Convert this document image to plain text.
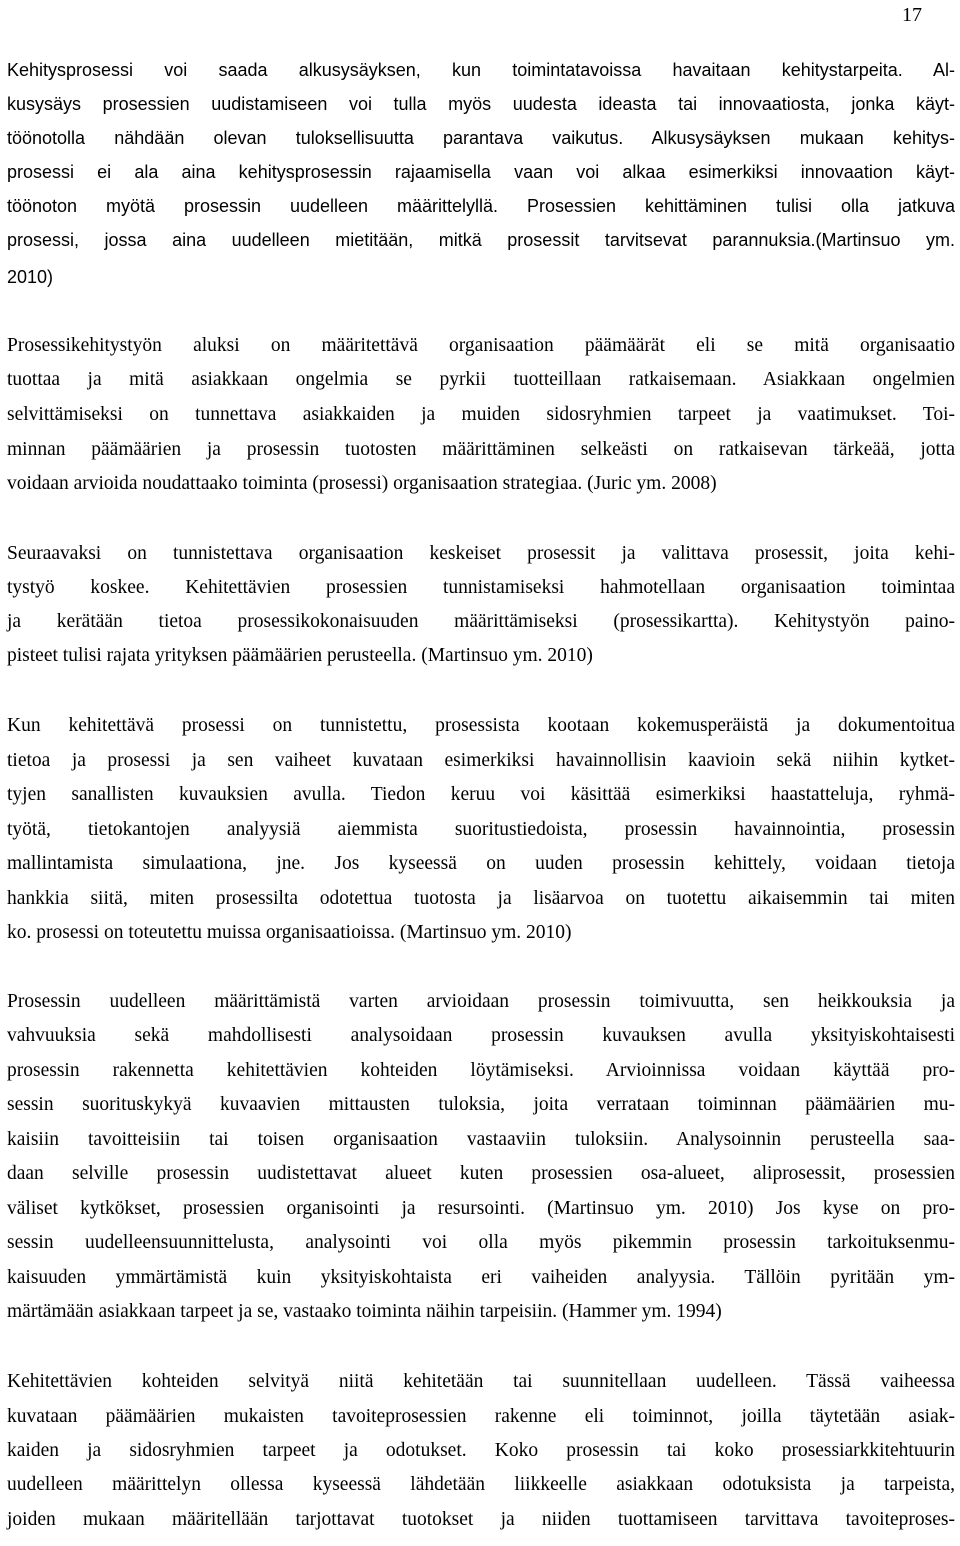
17
Kehitysprosessi voi saada alkusysäyksen, kun toimintatavoissa havaitaan kehitystarpeita. Al-
kusysäys prosessien uudistamiseen voi tulla myös uudesta ideasta tai innovaatiosta, jonka käyt-
töönotolla nähdään olevan tuloksellisuutta parantava vaikutus. Alkusysäyksen mukaan kehitys-
prosessi ei ala aina kehitysprosessin rajaamisella vaan voi alkaa esimerkiksi innovaation käyt-
töönoton myötä prosessin uudelleen määrittelyllä. Prosessien kehittäminen tulisi olla jatkuva
prosessi, jossa aina uudelleen mietitään, mitkä prosessit tarvitsevat parannuksia.(Martinsuo ym.
2010)
Prosessikehitystyön aluksi on määritettävä organisaation päämäärät eli se mitä organisaatio
tuottaa ja mitä asiakkaan ongelmia se pyrkii tuotteillaan ratkaisemaan. Asiakkaan ongelmien
selvittämiseksi on tunnettava asiakkaiden ja muiden sidosryhmien tarpeet ja vaatimukset. Toi-
minnan päämäärien ja prosessin tuotosten määrittäminen selkeästi on ratkaisevan tärkeää, jotta
voidaan arvioida noudattaako toiminta (prosessi) organisaation strategiaa. (Juric ym. 2008)
Seuraavaksi on tunnistettava organisaation keskeiset prosessit ja valittava prosessit, joita kehi-
tystyö koskee. Kehitettävien prosessien tunnistamiseksi hahmotellaan organisaation toimintaa
ja kerätään tietoa prosessikokonaisuuden määrittämiseksi (prosessikartta). Kehitystyön paino-
pisteet tulisi rajata yrityksen päämäärien perusteella. (Martinsuo ym. 2010)
Kun kehitettävä prosessi on tunnistettu, prosessista kootaan kokemusperäistä ja dokumentoitua
tietoa ja prosessi ja sen vaiheet kuvataan esimerkiksi havainnollisin kaavioin sekä niihin kytket-
tyjen sanallisten kuvauksien avulla. Tiedon keruu voi käsittää esimerkiksi haastatteluja, ryhmä-
työtä, tietokantojen analyysiä aiemmista suoritustiedoista, prosessin havainnointia, prosessin
mallintamista simulaationa, jne. Jos kyseessä on uuden prosessin kehittely, voidaan tietoja
hankkia siitä, miten prosessilta odotettua tuotosta ja lisäarvoa on tuotettu aikaisemmin tai miten
ko. prosessi on toteutettu muissa organisaatioissa. (Martinsuo ym. 2010)
Prosessin uudelleen määrittämistä varten arvioidaan prosessin toimivuutta, sen heikkouksia ja
vahvuuksia sekä mahdollisesti analysoidaan prosessin kuvauksen avulla yksityiskohtaisesti
prosessin rakennetta kehitettävien kohteiden löytämiseksi. Arvioinnissa voidaan käyttää pro-
sessin suorituskykyä kuvaavien mittausten tuloksia, joita verrataan toiminnan päämäärien mu-
kaisiin tavoitteisiin tai toisen organisaation vastaaviin tuloksiin. Analysoinnin perusteella saa-
daan selville prosessin uudistettavat alueet kuten prosessien osa-alueet, aliprosessit, prosessien
väliset kytkökset, prosessien organisointi ja resursointi. (Martinsuo ym. 2010) Jos kyse on pro-
sessin uudelleensuunnittelusta, analysointi voi olla myös pikemmin prosessin tarkoituksenmu-
kaisuuden ymmärtämistä kuin yksityiskohtaista eri vaiheiden analyysia. Tällöin pyritään ym-
märtämään asiakkaan tarpeet ja se, vastaako toiminta näihin tarpeisiin. (Hammer ym. 1994)
Kehitettävien kohteiden selvityä niitä kehitetään tai suunnitellaan uudelleen. Tässä vaiheessa
kuvataan päämäärien mukaisten tavoiteprosessien rakenne eli toiminnot, joilla täytetään asiak-
kaiden ja sidosryhmien tarpeet ja odotukset. Koko prosessin tai koko prosessiarkkitehtuurin
uudelleen määrittelyn ollessa kyseessä lähdetään liikkeelle asiakkaan odotuksista ja tarpeista,
joiden mukaan määritellään tarjottavat tuotokset ja niiden tuottamiseen tarvittava tavoiteproses-
